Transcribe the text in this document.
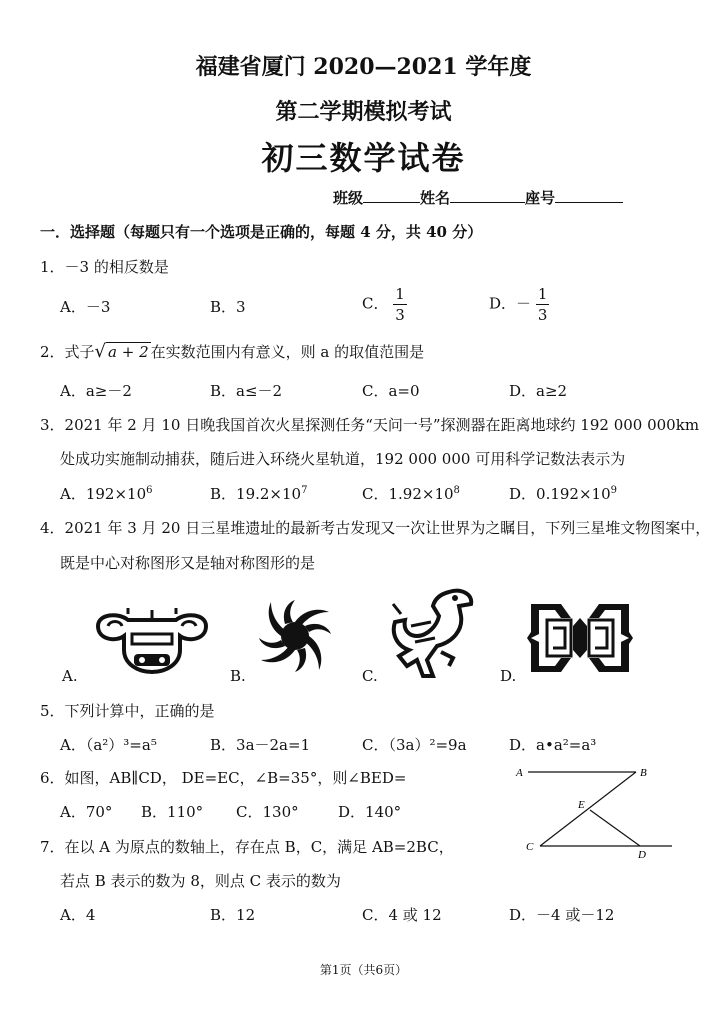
福建省厦门 2020—2021 学年度
第二学期模拟考试
初三数学试卷
班级	姓名	座号
一．选择题（每题只有一个选项是正确的，每题 4 分，共 40 分）
1．－3 的相反数是
A．－3	B．3	C． $\frac{1}{3}$	D．－ $\frac{1}{3}$
2．式子√ a + 2 在实数范围内有意义，则 a 的取值范围是
A．a≥－2	B．a≤－2	C．a=0	D．a≥2
3．2021 年 2 月 10 日晚我国首次火星探测任务“天问一号”探测器在距离地球约 192 000 000km
处成功实施制动捕获，随后进入环绕火星轨道，192 000 000 可用科学记数法表示为
A．$192\times 10^6$	B．$19.2\times 10^7$	C．$1.92\times 10^8$	D．$0.192\times 10^9$
4．2021 年 3 月 20 日三星堆遗址的最新考古发现又一次让世界为之瞩目，下列三星堆文物图案中，
既是中心对称图形又是轴对称图形的是
A.	B.	C.	D.
5．下列计算中，正确的是
A．（a²）³=a⁵	B．3a－2a=1	C．（3a）²=9a	D．a•a²=a³
6．如图，AB∥CD， DE=EC，∠B=35°，则∠BED=
A．70° B．110° C．130°	D．140°
A	B
E
C
D
7．在以 A 为原点的数轴上，存在点 B，C，满足 AB=2BC，
若点 B 表示的数为 8，则点 C 表示的数为
A．4	B．12	C．4 或 12	D．－4 或－12
第1页（共6页）
